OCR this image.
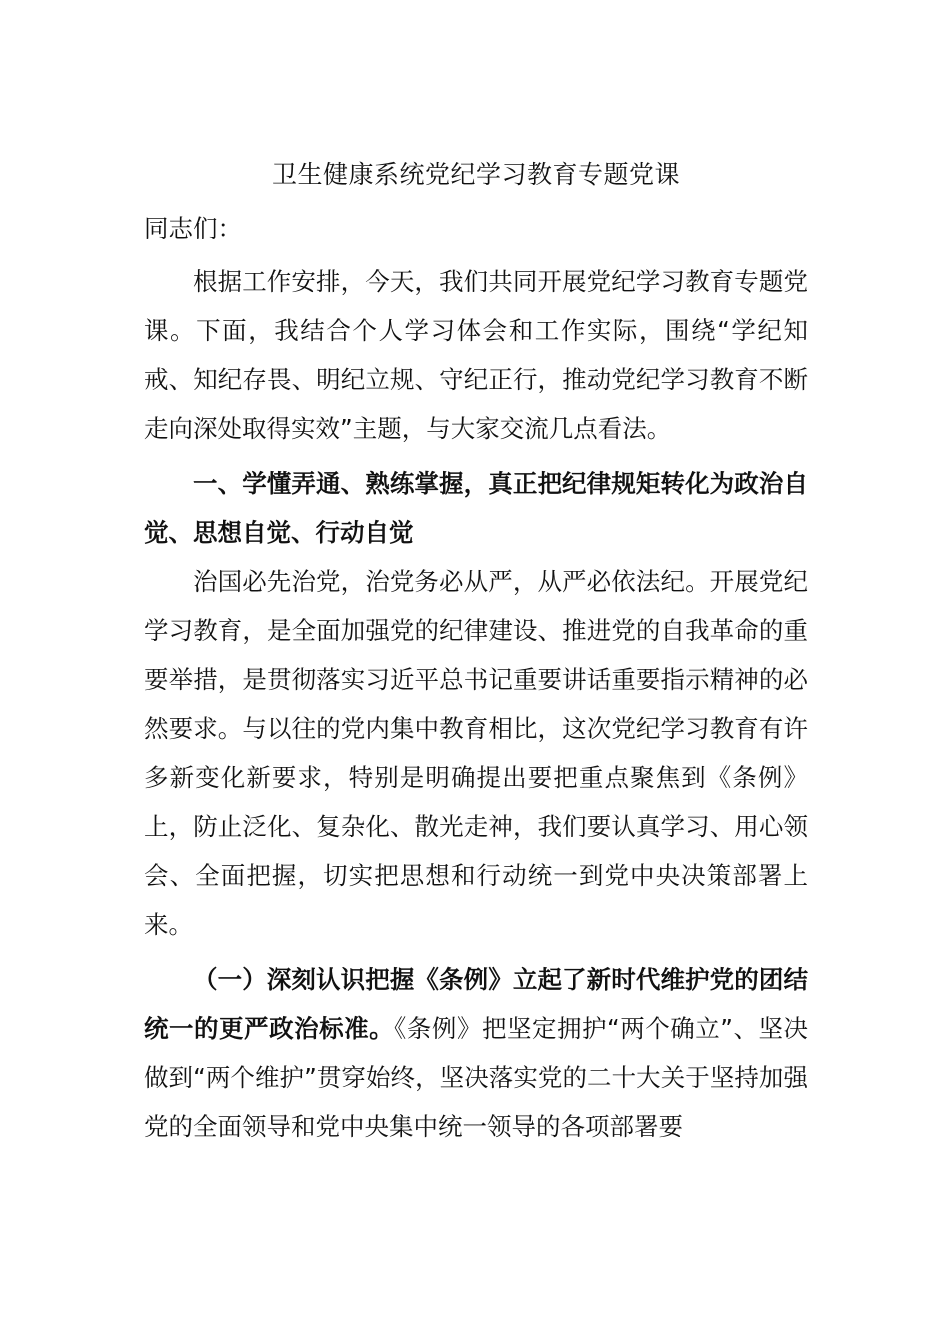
卫生健康系统党纪学习教育专题党课

同志们：

根据工作安排，今天，我们共同开展党纪学习教育专题党课。下面，我结合个人学习体会和工作实际，围绕“学纪知戒、知纪存畏、明纪立规、守纪正行，推动党纪学习教育不断走向深处取得实效”主题，与大家交流几点看法。

一、学懂弄通、熟练掌握，真正把纪律规矩转化为政治自觉、思想自觉、行动自觉

治国必先治党，治党务必从严，从严必依法纪。开展党纪学习教育，是全面加强党的纪律建设、推进党的自我革命的重要举措，是贯彻落实习近平总书记重要讲话重要指示精神的必然要求。与以往的党内集中教育相比，这次党纪学习教育有许多新变化新要求，特别是明确提出要把重点聚焦到《条例》上，防止泛化、复杂化、散光走神，我们要认真学习、用心领会、全面把握，切实把思想和行动统一到党中央决策部署上来。

（一）深刻认识把握《条例》立起了新时代维护党的团结统一的更严政治标准。《条例》把坚定拥护“两个确立”、坚决做到“两个维护”贯穿始终，坚决落实党的二十大关于坚持加强党的全面领导和党中央集中统一领导的各项部署要
